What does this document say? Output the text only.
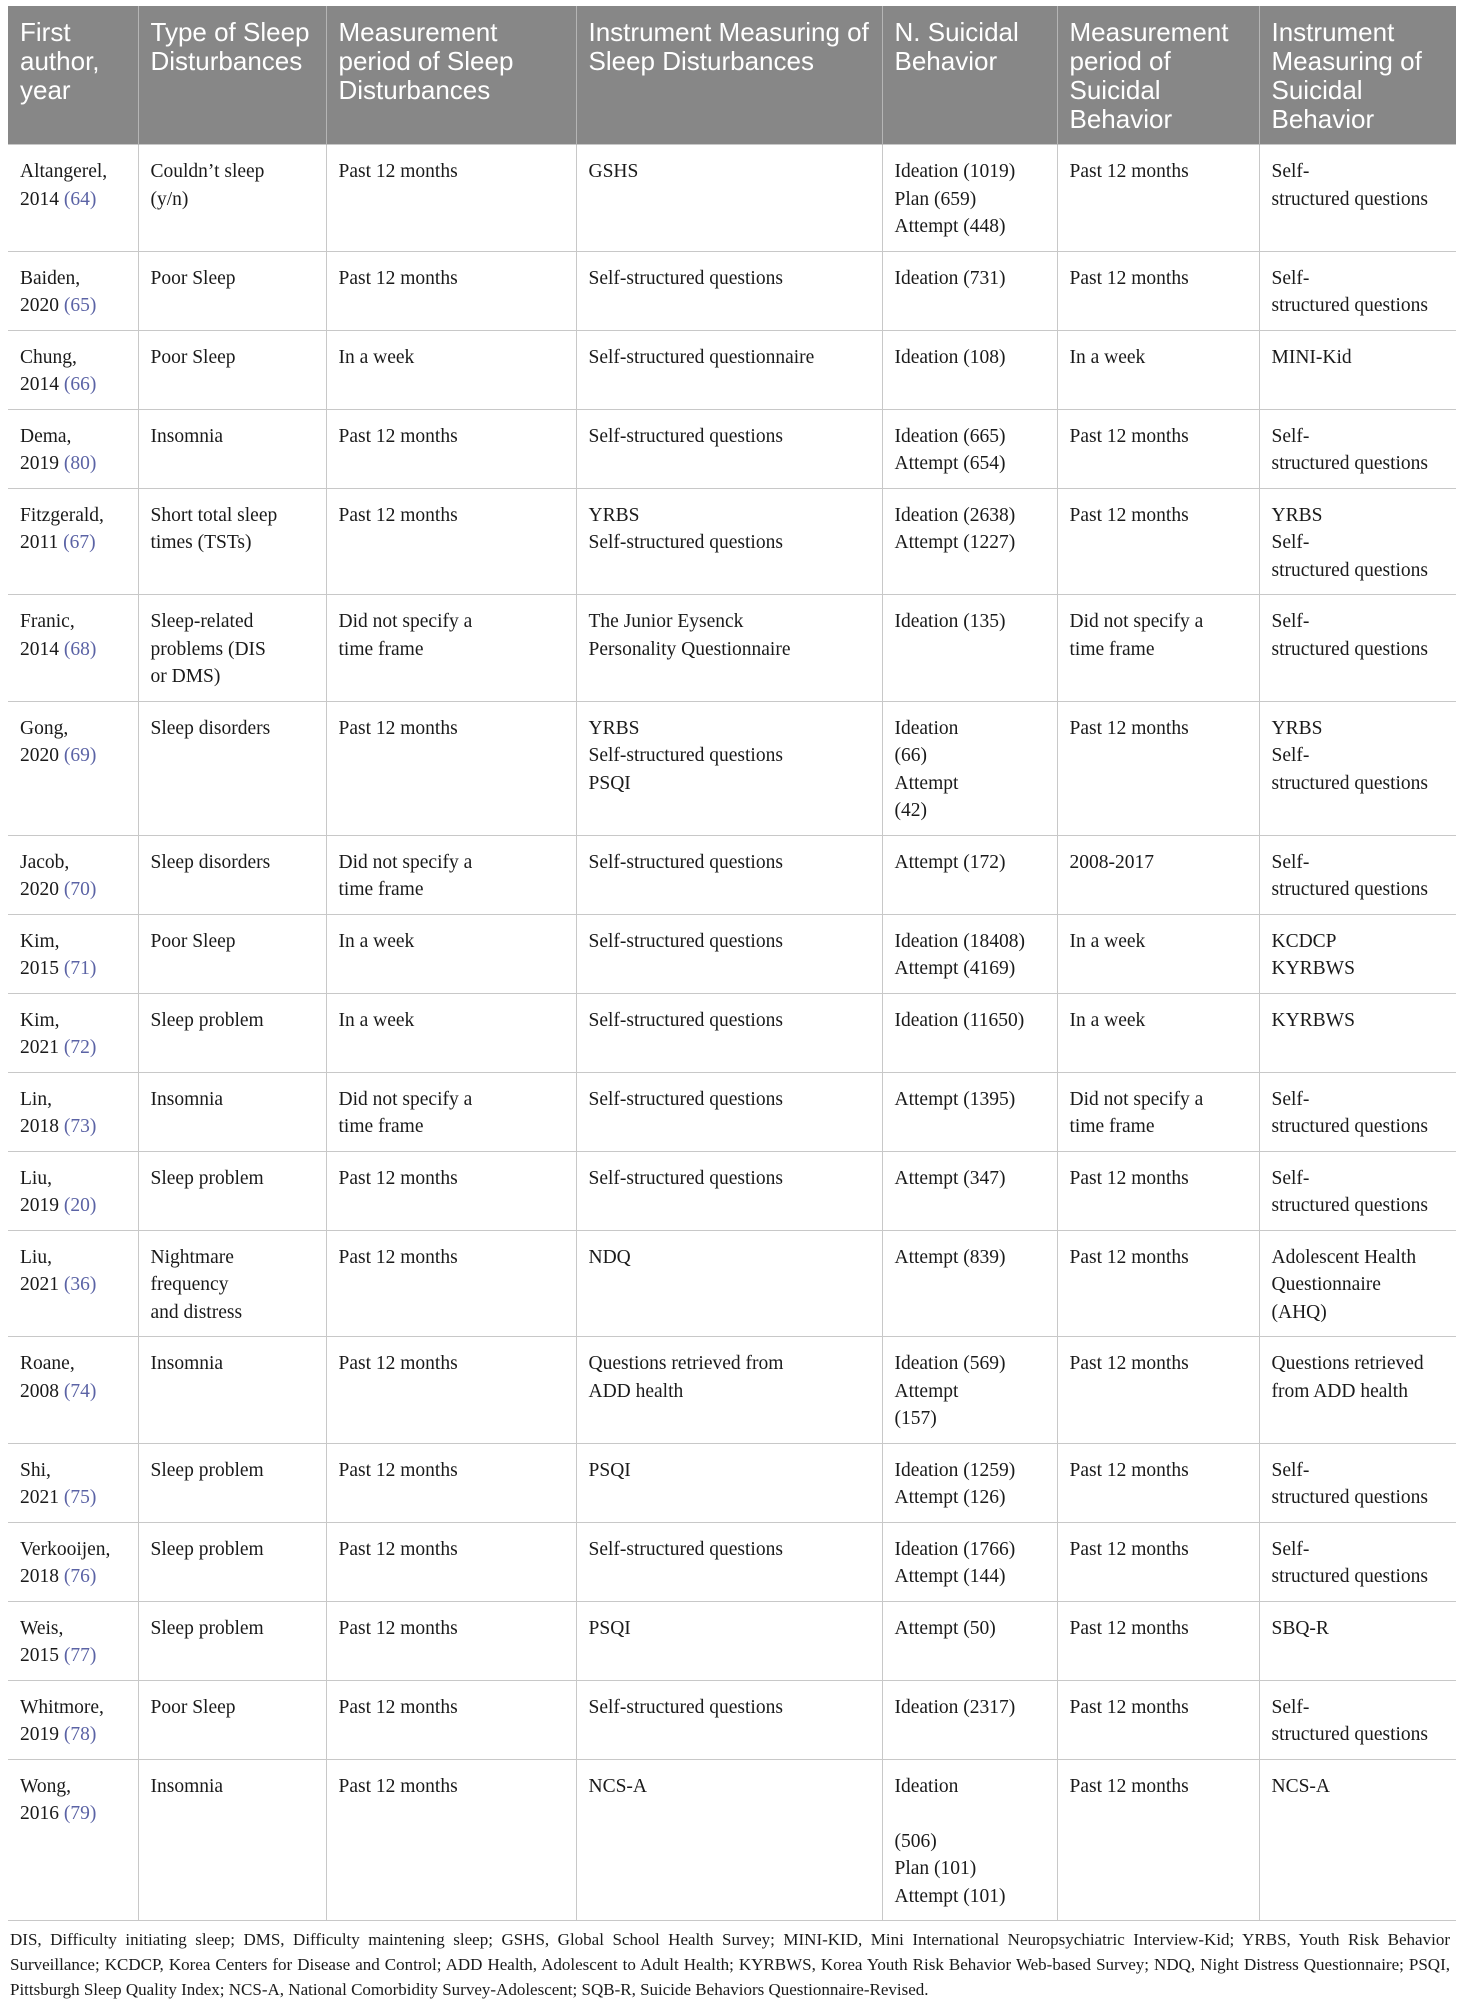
First author, year	Type of Sleep Disturbances	Measurement period of Sleep Disturbances	Instrument Measuring of Sleep Disturbances	N. Suicidal Behavior	Measurement period of Suicidal Behavior	Instrument Measuring of Suicidal Behavior
Altangerel,
2014 (64)	Couldn’t sleep
(y/n)	Past 12 months	GSHS	Ideation (1019)
Plan (659)
Attempt (448)	Past 12 months	Self-
structured questions
Baiden,
2020 (65)	Poor Sleep	Past 12 months	Self-structured questions	Ideation (731)	Past 12 months	Self-
structured questions
Chung,
2014 (66)	Poor Sleep	In a week	Self-structured questionnaire	Ideation (108)	In a week	MINI-Kid
Dema,
2019 (80)	Insomnia	Past 12 months	Self-structured questions	Ideation (665)
Attempt (654)	Past 12 months	Self-
structured questions
Fitzgerald,
2011 (67)	Short total sleep
times (TSTs)	Past 12 months	YRBS
Self-structured questions	Ideation (2638)
Attempt (1227)	Past 12 months	YRBS
Self-
structured questions
Franic,
2014 (68)	Sleep-related
problems (DIS
or DMS)	Did not specify a
time frame	The Junior Eysenck
Personality Questionnaire	Ideation (135)	Did not specify a
time frame	Self-
structured questions
Gong,
2020 (69)	Sleep disorders	Past 12 months	YRBS
Self-structured questions
PSQI	Ideation
(66)
Attempt
(42)	Past 12 months	YRBS
Self-
structured questions
Jacob,
2020 (70)	Sleep disorders	Did not specify a
time frame	Self-structured questions	Attempt (172)	2008-2017	Self-
structured questions
Kim,
2015 (71)	Poor Sleep	In a week	Self-structured questions	Ideation (18408)
Attempt (4169)	In a week	KCDCP
KYRBWS
Kim,
2021 (72)	Sleep problem	In a week	Self-structured questions	Ideation (11650)	In a week	KYRBWS
Lin,
2018 (73)	Insomnia	Did not specify a
time frame	Self-structured questions	Attempt (1395)	Did not specify a
time frame	Self-
structured questions
Liu,
2019 (20)	Sleep problem	Past 12 months	Self-structured questions	Attempt (347)	Past 12 months	Self-
structured questions
Liu,
2021 (36)	Nightmare
frequency
and distress	Past 12 months	NDQ	Attempt (839)	Past 12 months	Adolescent Health
Questionnaire
(AHQ)
Roane,
2008 (74)	Insomnia	Past 12 months	Questions retrieved from
ADD health	Ideation (569)
Attempt
(157)	Past 12 months	Questions retrieved
from ADD health
Shi,
2021 (75)	Sleep problem	Past 12 months	PSQI	Ideation (1259)
Attempt (126)	Past 12 months	Self-
structured questions
Verkooijen,
2018 (76)	Sleep problem	Past 12 months	Self-structured questions	Ideation (1766)
Attempt (144)	Past 12 months	Self-
structured questions
Weis,
2015 (77)	Sleep problem	Past 12 months	PSQI	Attempt (50)	Past 12 months	SBQ-R
Whitmore,
2019 (78)	Poor Sleep	Past 12 months	Self-structured questions	Ideation (2317)	Past 12 months	Self-
structured questions
Wong,
2016 (79)	Insomnia	Past 12 months	NCS-A	Ideation

(506)
Plan (101)
Attempt (101)	Past 12 months	NCS-A
DIS, Difficulty initiating sleep; DMS, Difficulty maintening sleep; GSHS, Global School Health Survey; MINI-KID, Mini International Neuropsychiatric Interview-Kid; YRBS, Youth Risk Behavior Surveillance; KCDCP, Korea Centers for Disease and Control; ADD Health, Adolescent to Adult Health; KYRBWS, Korea Youth Risk Behavior Web-based Survey; NDQ, Night Distress Questionnaire; PSQI, Pittsburgh Sleep Quality Index; NCS-A, National Comorbidity Survey-Adolescent; SQB-R, Suicide Behaviors Questionnaire-Revised.
